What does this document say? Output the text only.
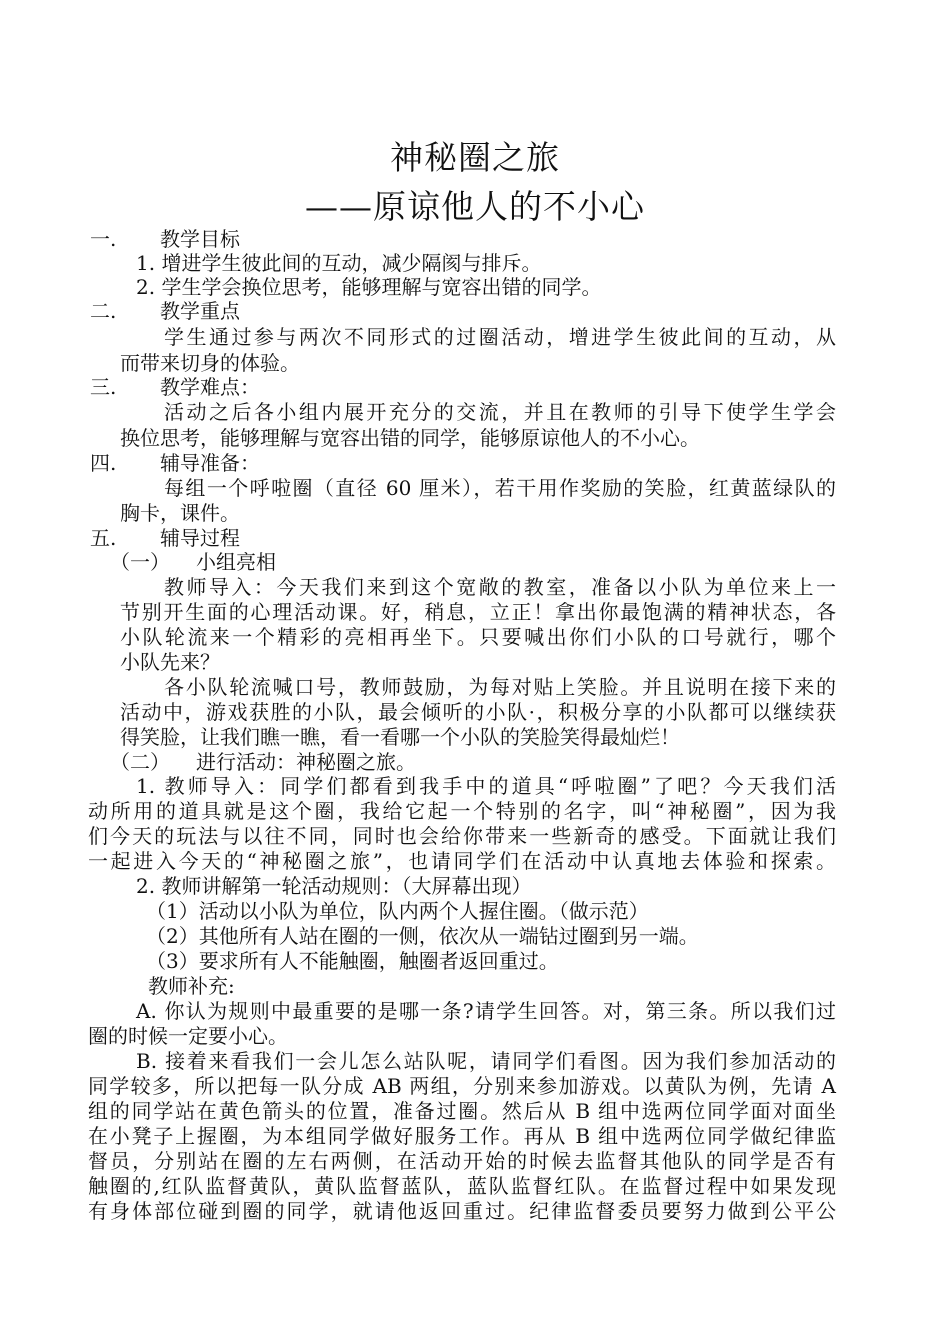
神秘圈之旅
——原谅他人的不小心
一. 教学目标
1. 增进学生彼此间的互动，减少隔阂与排斥。
2. 学生学会换位思考，能够理解与宽容出错的同学。
二. 教学重点
学生通过参与两次不同形式的过圈活动，增进学生彼此间的互动，从
而带来切身的体验。
三. 教学难点：
活动之后各小组内展开充分的交流，并且在教师的引导下使学生学会
换位思考，能够理解与宽容出错的同学，能够原谅他人的不小心。
四. 辅导准备：
每组一个呼啦圈（直径 60 厘米），若干用作奖励的笑脸，红黄蓝绿队的
胸卡，课件。
五. 辅导过程
（一） 小组亮相
教师导入：今天我们来到这个宽敞的教室，准备以小队为单位来上一
节别开生面的心理活动课。好，稍息，立正！拿出你最饱满的精神状态，各
小队轮流来一个精彩的亮相再坐下。只要喊出你们小队的口号就行，哪个
小队先来？
各小队轮流喊口号，教师鼓励，为每对贴上笑脸。并且说明在接下来的
活动中，游戏获胜的小队，最会倾听的小队·，积极分享的小队都可以继续获
得笑脸，让我们瞧一瞧，看一看哪一个小队的笑脸笑得最灿烂！
（二） 进行活动：神秘圈之旅。
1. 教师导入：同学们都看到我手中的道具“呼啦圈”了吧？今天我们活
动所用的道具就是这个圈，我给它起一个特别的名字，叫“神秘圈”，因为我
们今天的玩法与以往不同，同时也会给你带来一些新奇的感受。下面就让我们
一起进入今天的“神秘圈之旅”，也请同学们在活动中认真地去体验和探索。
2. 教师讲解第一轮活动规则：（大屏幕出现）
（1）活动以小队为单位，队内两个人握住圈。（做示范）
（2）其他所有人站在圈的一侧，依次从一端钻过圈到另一端。
（3）要求所有人不能触圈，触圈者返回重过。
教师补充:
A. 你认为规则中最重要的是哪一条?请学生回答。对，第三条。所以我们过
圈的时候一定要小心。
B. 接着来看我们一会儿怎么站队呢，请同学们看图。因为我们参加活动的
同学较多，所以把每一队分成 AB 两组，分别来参加游戏。以黄队为例，先请 A
组的同学站在黄色箭头的位置，准备过圈。然后从 B 组中选两位同学面对面坐
在小凳子上握圈，为本组同学做好服务工作。再从 B 组中选两位同学做纪律监
督员，分别站在圈的左右两侧，在活动开始的时候去监督其他队的同学是否有
触圈的,红队监督黄队，黄队监督蓝队，蓝队监督红队。在监督过程中如果发现
有身体部位碰到圈的同学，就请他返回重过。纪律监督委员要努力做到公平公
